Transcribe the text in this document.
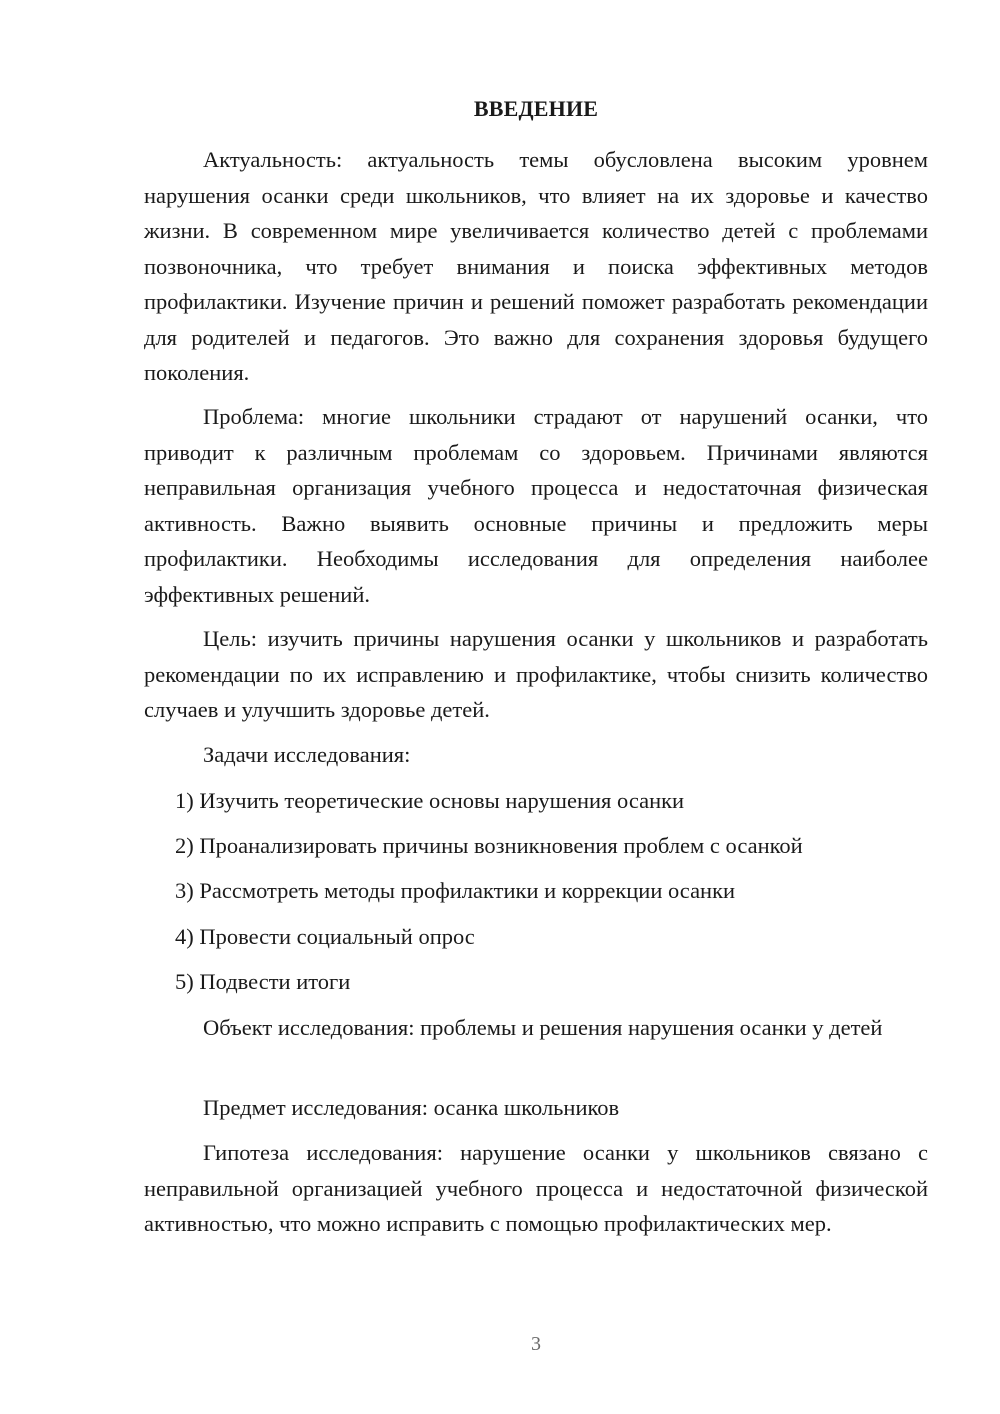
ВВЕДЕНИЕ

Актуальность: актуальность темы обусловлена высоким уровнем нарушения осанки среди школьников, что влияет на их здоровье и качество жизни. В современном мире увеличивается количество детей с проблемами позвоночника, что требует внимания и поиска эффективных методов профилактики. Изучение причин и решений поможет разработать рекомендации для родителей и педагогов. Это важно для сохранения здоровья будущего поколения.

Проблема: многие школьники страдают от нарушений осанки, что приводит к различным проблемам со здоровьем. Причинами являются неправильная организация учебного процесса и недостаточная физическая активность. Важно выявить основные причины и предложить меры профилактики. Необходимы исследования для определения наиболее эффективных решений.

Цель: изучить причины нарушения осанки у школьников и разработать рекомендации по их исправлению и профилактике, чтобы снизить количество случаев и улучшить здоровье детей.

Задачи исследования:

1) Изучить теоретические основы нарушения осанки

2) Проанализировать причины возникновения проблем с осанкой

3) Рассмотреть методы профилактики и коррекции осанки

4) Провести социальный опрос

5) Подвести итоги

Объект исследования: проблемы и решения нарушения осанки у детей

Предмет исследования: осанка школьников

Гипотеза исследования: нарушение осанки у школьников связано с неправильной организацией учебного процесса и недостаточной физической активностью, что можно исправить с помощью профилактических мер.

3
